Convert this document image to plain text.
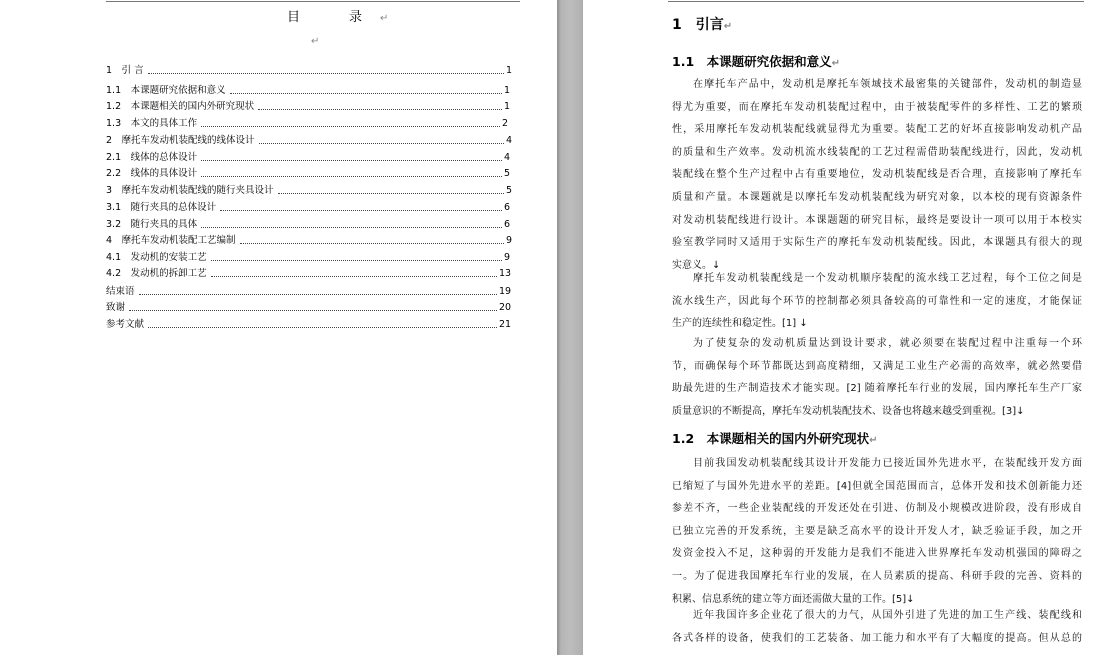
目　录↵
↵
1　引 言	1
1.1　本课题研究依据和意义	1
1.2　本课题相关的国内外研究现状	1
1.3　本文的具体工作	2
2　摩托车发动机装配线的线体设计	4
2.1　线体的总体设计	4
2.2　线体的具体设计	5
3　摩托车发动机装配线的随行夹具设计	5
3.1　随行夹具的总体设计	6
3.2　随行夹具的具体	6
4　摩托车发动机装配工艺编制	9
4.1　发动机的安装工艺	9
4.2　发动机的拆卸工艺	13
结束语	19
致谢	20
参考文献	21
1　引言↵
1.1　本课题研究依据和意义↵
1.2　本课题相关的国内外研究现状↵
在摩托车产品中，发动机是摩托车领域技术最密集的关键部件，发动机的制造显
得尤为重要，而在摩托车发动机装配过程中，由于被装配零件的多样性、工艺的繁琐
性，采用摩托车发动机装配线就显得尤为重要。装配工艺的好坏直接影响发动机产品
的质量和生产效率。发动机流水线装配的工艺过程需借助装配线进行，因此，发动机
装配线在整个生产过程中占有重要地位，发动机装配线是否合理，直接影响了摩托车
质量和产量。本课题就是以摩托车发动机装配线为研究对象，以本校的现有资源条件
对发动机装配线进行设计。本课题题的研究目标，最终是要设计一项可以用于本校实
验室教学同时又适用于实际生产的摩托车发动机装配线。因此，本课题具有很大的现
实意义。↓
摩托车发动机装配线是一个发动机顺序装配的流水线工艺过程，每个工位之间是
流水线生产，因此每个环节的控制都必须具备较高的可靠性和一定的速度，才能保证
生产的连续性和稳定性。[1] ↓
为了使复杂的发动机质量达到设计要求，就必须要在装配过程中注重每一个环
节，而确保每个环节都既达到高度精细，又满足工业生产必需的高效率，就必然要借
助最先进的生产制造技术才能实现。[2] 随着摩托车行业的发展，国内摩托车生产厂家
质量意识的不断提高，摩托车发动机装配技术、设备也将越来越受到重视。[3]↓
目前我国发动机装配线其设计开发能力已接近国外先进水平，在装配线开发方面
已缩短了与国外先进水平的差距。[4]但就全国范围而言，总体开发和技术创新能力还
参差不齐，一些企业装配线的开发还处在引进、仿制及小规模改进阶段，没有形成自
已独立完善的开发系统，主要是缺乏高水平的设计开发人才，缺乏验证手段，加之开
发资金投入不足，这种弱的开发能力是我们不能进入世界摩托车发动机强国的障碍之
一。为了促进我国摩托车行业的发展，在人员素质的提高、科研手段的完善、资料的
积累、信息系统的建立等方面还需做大量的工作。[5]↓
近年我国许多企业花了很大的力气，从国外引进了先进的加工生产线、装配线和
各式各样的设备，使我们的工艺装备、加工能力和水平有了大幅度的提高。但从总的
